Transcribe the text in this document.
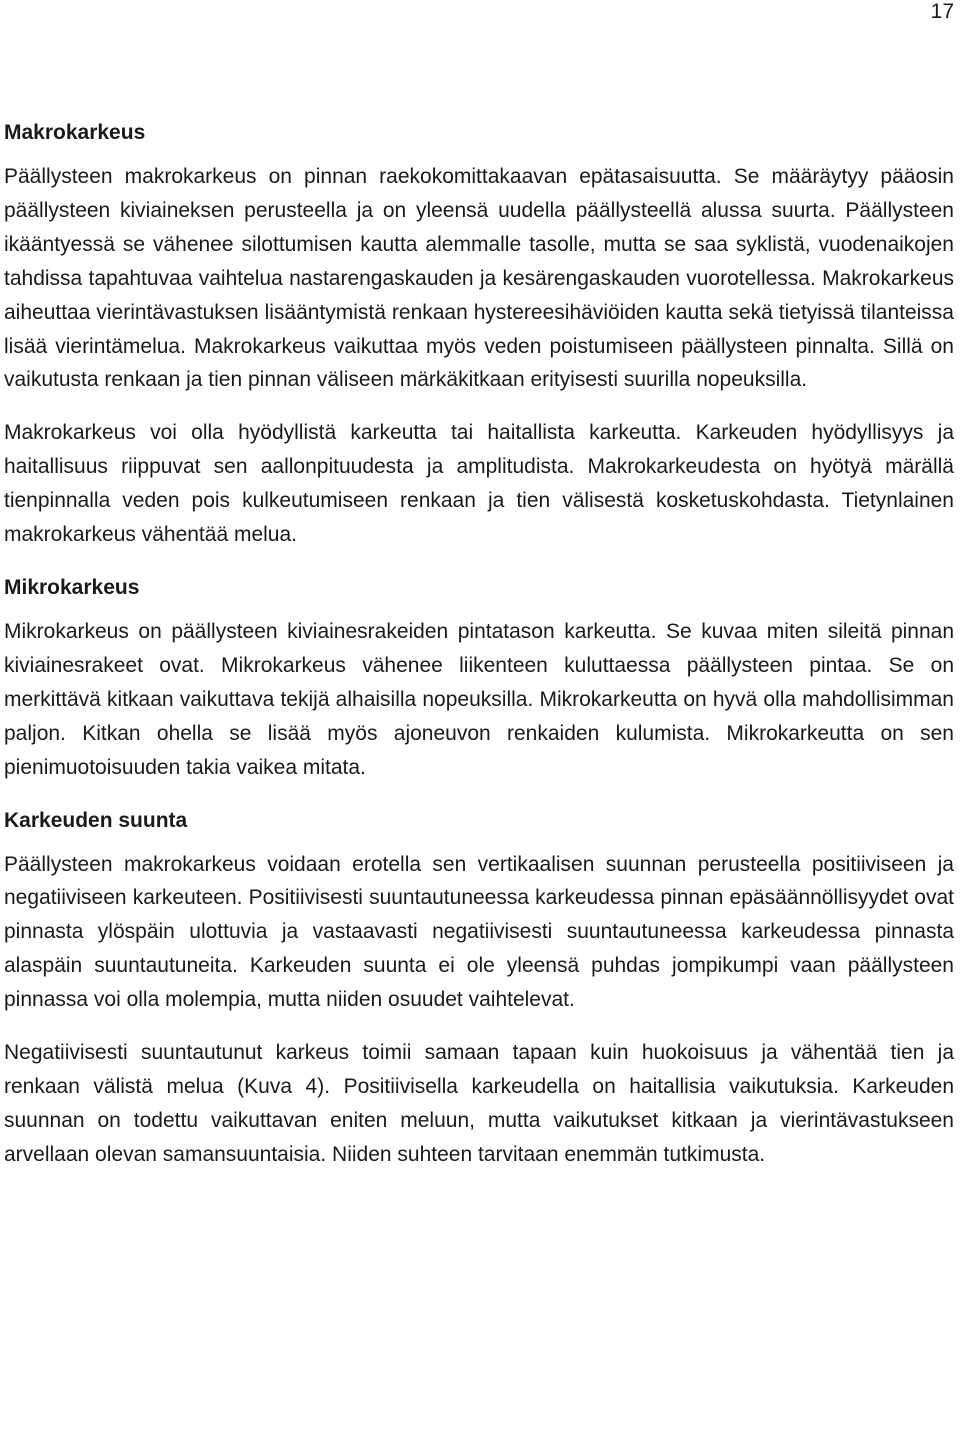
17
Makrokarkeus

Päällysteen makrokarkeus on pinnan raekokomittakaavan epätasaisuutta. Se määräytyy pääosin päällysteen kiviaineksen perusteella ja on yleensä uudella päällysteellä alussa suurta. Päällysteen ikääntyessä se vähenee silottumisen kautta alemmalle tasolle, mutta se saa syklistä, vuodenaikojen tahdissa tapahtuvaa vaihtelua nastarengaskauden ja kesärengaskauden vuorotellessa. Makrokarkeus aiheuttaa vierintävastuksen lisääntymistä renkaan hystereesihäviöiden kautta sekä tietyissä tilanteissa lisää vierintämelua. Makrokarkeus vaikuttaa myös veden poistumiseen päällysteen pinnalta. Sillä on vaikutusta renkaan ja tien pinnan väliseen märkäkitkaan erityisesti suurilla nopeuksilla.

Makrokarkeus voi olla hyödyllistä karkeutta tai haitallista karkeutta. Karkeuden hyödyllisyys ja haitallisuus riippuvat sen aallonpituudesta ja amplitudista. Makrokarkeudesta on hyötyä märällä tienpinnalla veden pois kulkeutumiseen renkaan ja tien välisestä kosketuskohdasta. Tietynlainen makrokarkeus vähentää melua.

Mikrokarkeus

Mikrokarkeus on päällysteen kiviainesrakeiden pintatason karkeutta. Se kuvaa miten sileitä pinnan kiviainesrakeet ovat. Mikrokarkeus vähenee liikenteen kuluttaessa päällysteen pintaa. Se on merkittävä kitkaan vaikuttava tekijä alhaisilla nopeuksilla. Mikrokarkeutta on hyvä olla mahdollisimman paljon. Kitkan ohella se lisää myös ajoneuvon renkaiden kulumista. Mikrokarkeutta on sen pienimuotoisuuden takia vaikea mitata.

Karkeuden suunta

Päällysteen makrokarkeus voidaan erotella sen vertikaalisen suunnan perusteella positiiviseen ja negatiiviseen karkeuteen. Positiivisesti suuntautuneessa karkeudessa pinnan epäsäännöllisyydet ovat pinnasta ylöspäin ulottuvia ja vastaavasti negatiivisesti suuntautuneessa karkeudessa pinnasta alaspäin suuntautuneita. Karkeuden suunta ei ole yleensä puhdas jompikumpi vaan päällysteen pinnassa voi olla molempia, mutta niiden osuudet vaihtelevat.

Negatiivisesti suuntautunut karkeus toimii samaan tapaan kuin huokoisuus ja vähentää tien ja renkaan välistä melua (Kuva 4). Positiivisella karkeudella on haitallisia vaikutuksia. Karkeuden suunnan on todettu vaikuttavan eniten meluun, mutta vaikutukset kitkaan ja vierintävastukseen arvellaan olevan samansuuntaisia. Niiden suhteen tarvitaan enemmän tutkimusta.
